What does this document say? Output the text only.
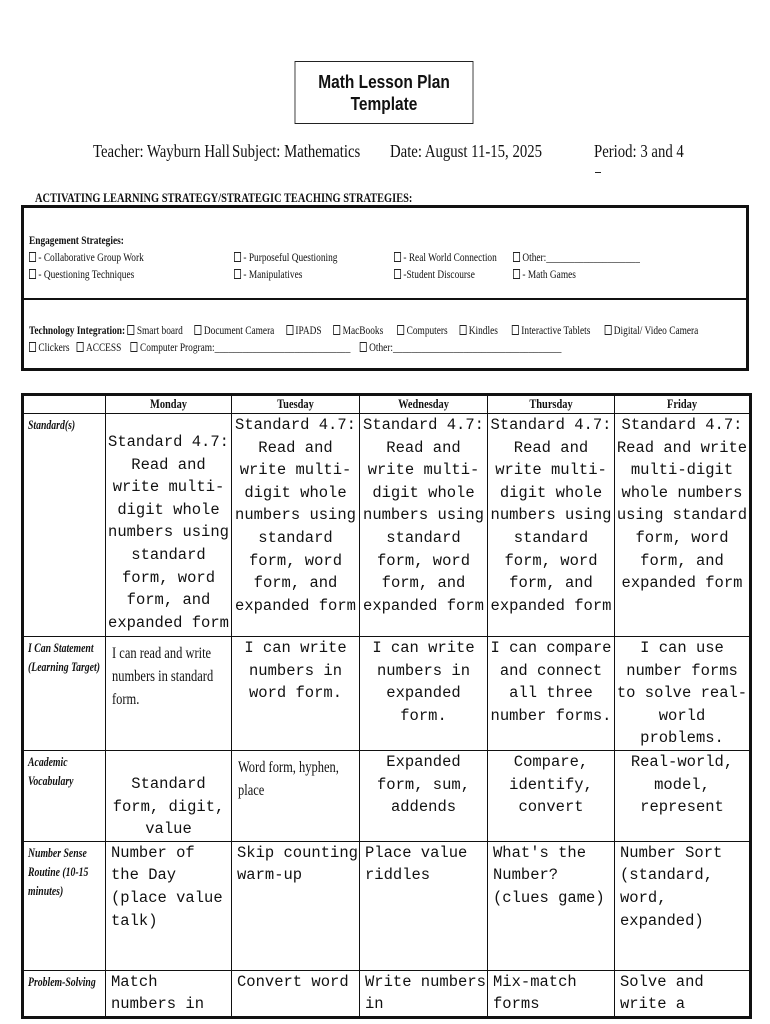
Math Lesson Plan
Template
Teacher: Wayburn Hall Subject: Mathematics Date: August 11-15, 2025	Period: 3 and 4
ACTIVATING LEARNING STRATEGY/STRATEGIC TEACHING STRATEGIES:
Engagement Strategies:
- Collaborative Group Work	- Purposeful Questioning	- Real World Connection	Other:____________________
- Questioning Techniques	- Manipulatives	-Student Discourse	- Math Games
Technology Integration: Smart board Document Camera IPADS MacBooks Computers Kindles Interactive Tablets Digital/ Video Camera
Clickers ACCESS Computer Program:_____________________________ Other:____________________________________

	Monday	Tuesday	Wednesday	Thursday	Friday

Standard(s)	Standard 4.7: Read and write multi-digit whole numbers using standard form, word form, and expanded form	Standard 4.7: Read and write multi-digit whole numbers using standard form, word form, and expanded form	Standard 4.7: Read and write multi-digit whole numbers using standard form, word form, and expanded form	Standard 4.7: Read and write multi-digit whole numbers using standard form, word form, and expanded form	Standard 4.7: Read and write multi-digit whole numbers using standard form, word form, and expanded form

I Can Statement (Learning Target)	I can read and write numbers in standard form.	I can write numbers in word form.	I can write numbers in expanded form.	I can compare and connect all three number forms.	I can use number forms to solve real-world problems.

Academic Vocabulary	Standard form, digit, value	Word form, hyphen, place	Expanded form, sum, addends	Compare, identify, convert	Real-world, model, represent

Number Sense Routine (10-15 minutes)	Number of the Day (place value talk)	Skip counting warm-up	Place value riddles	What's the Number? (clues game)	Number Sort (standard, word, expanded)

Problem-Solving	Match numbers in	Convert word	Write numbers in	Mix-match forms	Solve and write a
